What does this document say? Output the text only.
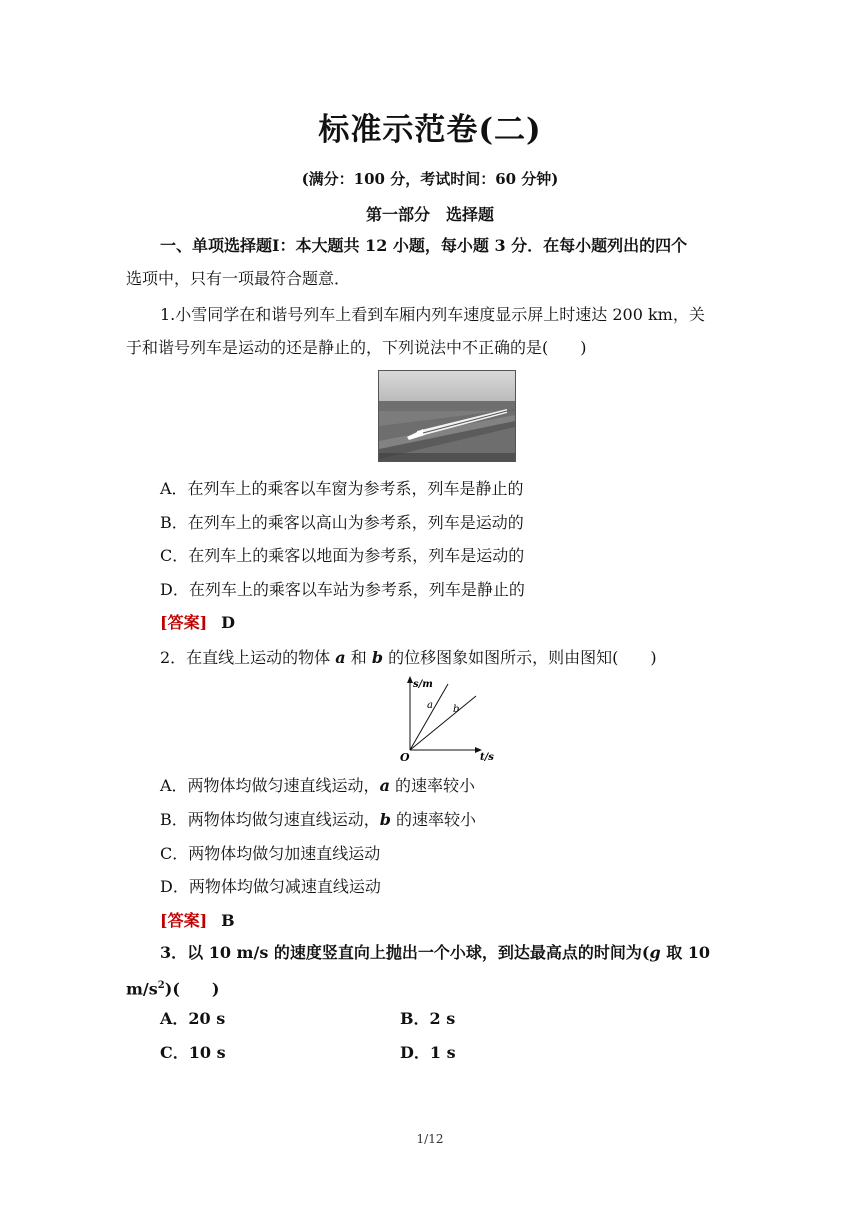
标准示范卷(二)
(满分：100 分，考试时间：60 分钟)
第一部分　选择题
一、单项选择题Ⅰ：本大题共 12 小题，每小题 3 分．在每小题列出的四个
选项中，只有一项最符合题意．
1.小雪同学在和谐号列车上看到车厢内列车速度显示屏上时速达 200 km，关
于和谐号列车是运动的还是静止的，下列说法中不正确的是(　　)
A．在列车上的乘客以车窗为参考系，列车是静止的
B．在列车上的乘客以高山为参考系，列车是运动的
C．在列车上的乘客以地面为参考系，列车是运动的
D．在列车上的乘客以车站为参考系，列车是静止的
[答案] D
2．在直线上运动的物体 a 和 b 的位移图象如图所示，则由图知(　　)
s/m
t/s
O
a b
A．两物体均做匀速直线运动，a 的速率较小
B．两物体均做匀速直线运动，b 的速率较小
C．两物体均做匀加速直线运动
D．两物体均做匀减速直线运动
[答案] B
3．以 10 m/s 的速度竖直向上抛出一个小球，到达最高点的时间为(g 取 10
$m/s^2$)(　　)
A．20 s	B．2 s
C．10 s	D．1 s
1/12
